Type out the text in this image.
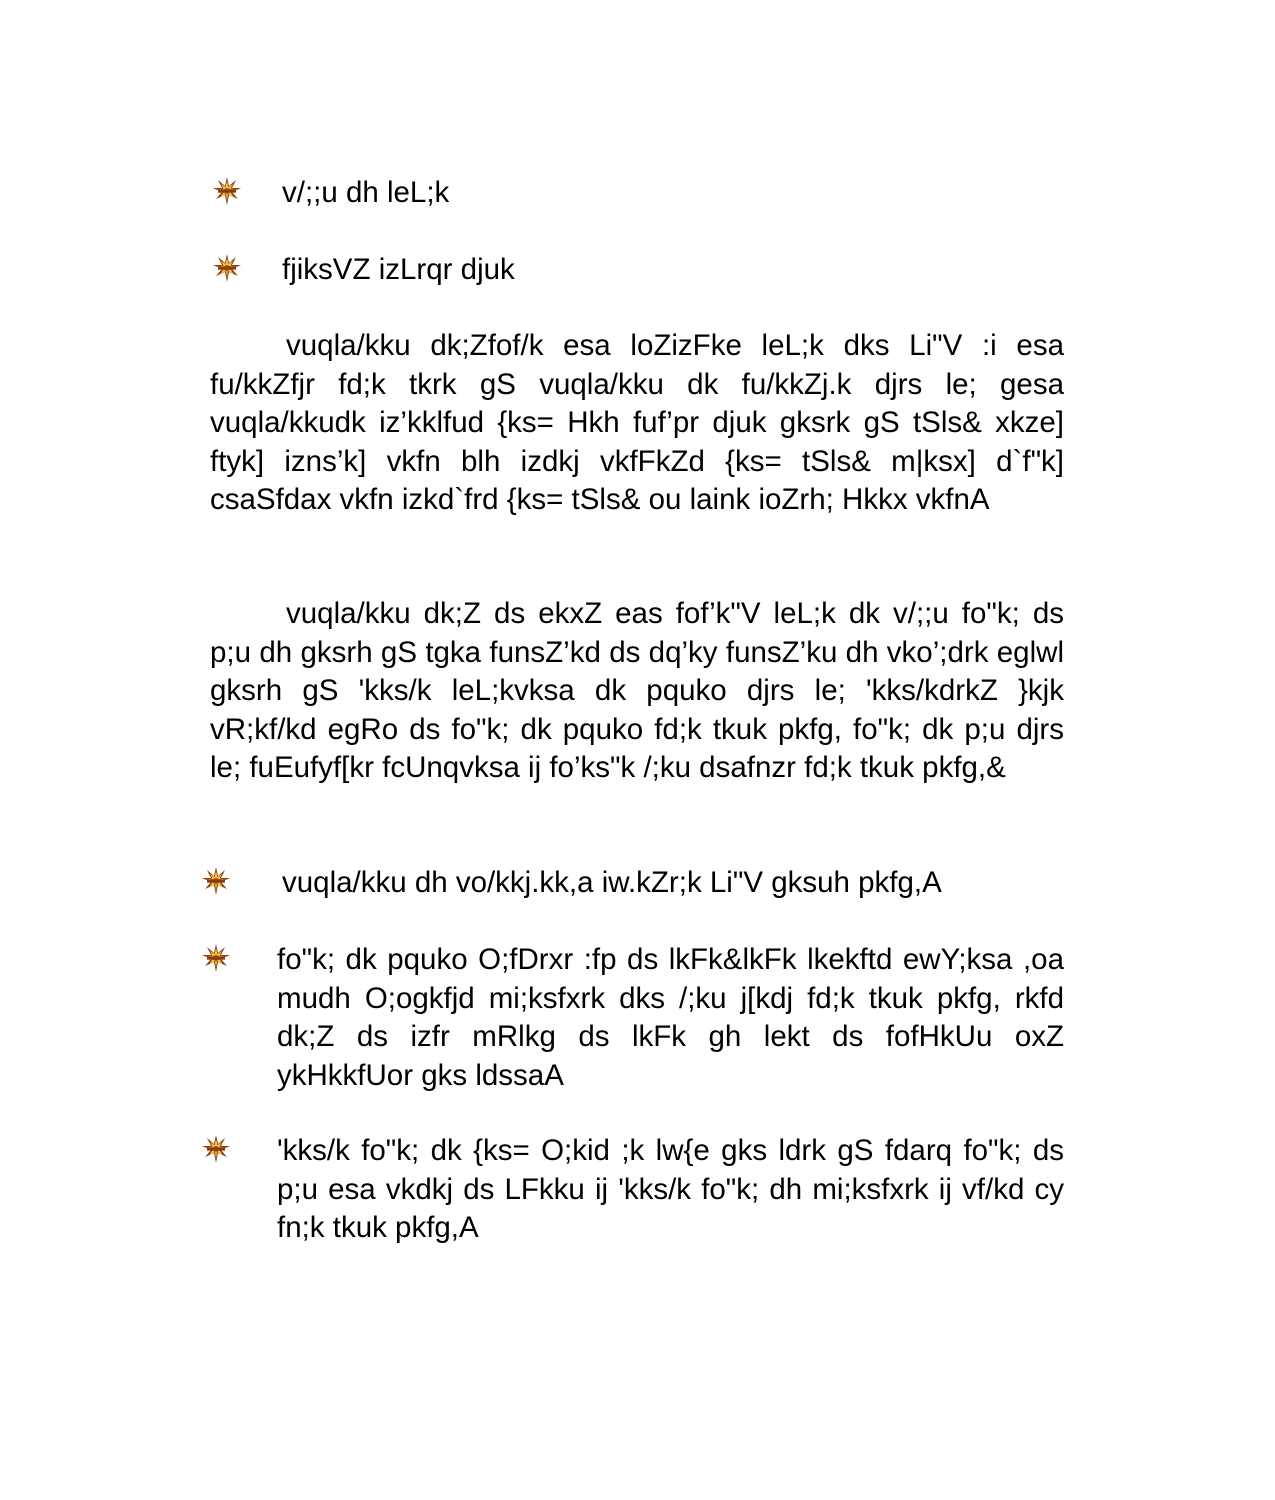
v/;;u dh leL;k
fjiksVZ izLrqr djuk
vuqla/kku dk;Zfof/k esa loZizFke leL;k dks Li"V :i esa fu/kkZfjr fd;k tkrk gS vuqla/kku dk fu/kkZj.k djrs le; gesa vuqla/kkudk iz’kklfud {ks= Hkh fuf’pr djuk gksrk gS tSls& xkze] ftyk] izns’k] vkfn blh izdkj vkfFkZd {ks= tSls& m|ksx] d`f"k] csaSfdax vkfn izkd`frd {ks= tSls& ou laink ioZrh; Hkkx vkfnA
vuqla/kku dk;Z ds ekxZ eas fof’k"V leL;k dk v/;;u fo"k; ds p;u dh gksrh gS tgka funsZ’kd ds dq’ky funsZ’ku dh vko’;drk eglwl gksrh gS 'kks/k leL;kvksa dk pquko djrs le; 'kks/kdrkZ }kjk vR;kf/kd egRo ds fo"k; dk pquko fd;k tkuk pkfg, fo"k; dk p;u djrs le; fuEufyf[kr fcUnqvksa ij fo’ks"k /;ku dsafnzr fd;k tkuk pkfg,&
vuqla/kku dh vo/kkj.kk,a iw.kZr;k Li"V gksuh pkfg,A
fo"k; dk pquko O;fDrxr :fp ds lkFk&lkFk lkekftd ewY;ksa ,oa mudh O;ogkfjd mi;ksfxrk dks /;ku j[kdj fd;k tkuk pkfg, rkfd dk;Z ds izfr mRlkg ds lkFk gh lekt ds fofHkUu oxZ ykHkkfUor gks ldssaA
'kks/k fo"k; dk {ks= O;kid ;k lw{e gks ldrk gS fdarq fo"k; ds p;u esa vkdkj ds LFkku ij 'kks/k fo"k; dh mi;ksfxrk ij vf/kd cy fn;k tkuk pkfg,A
